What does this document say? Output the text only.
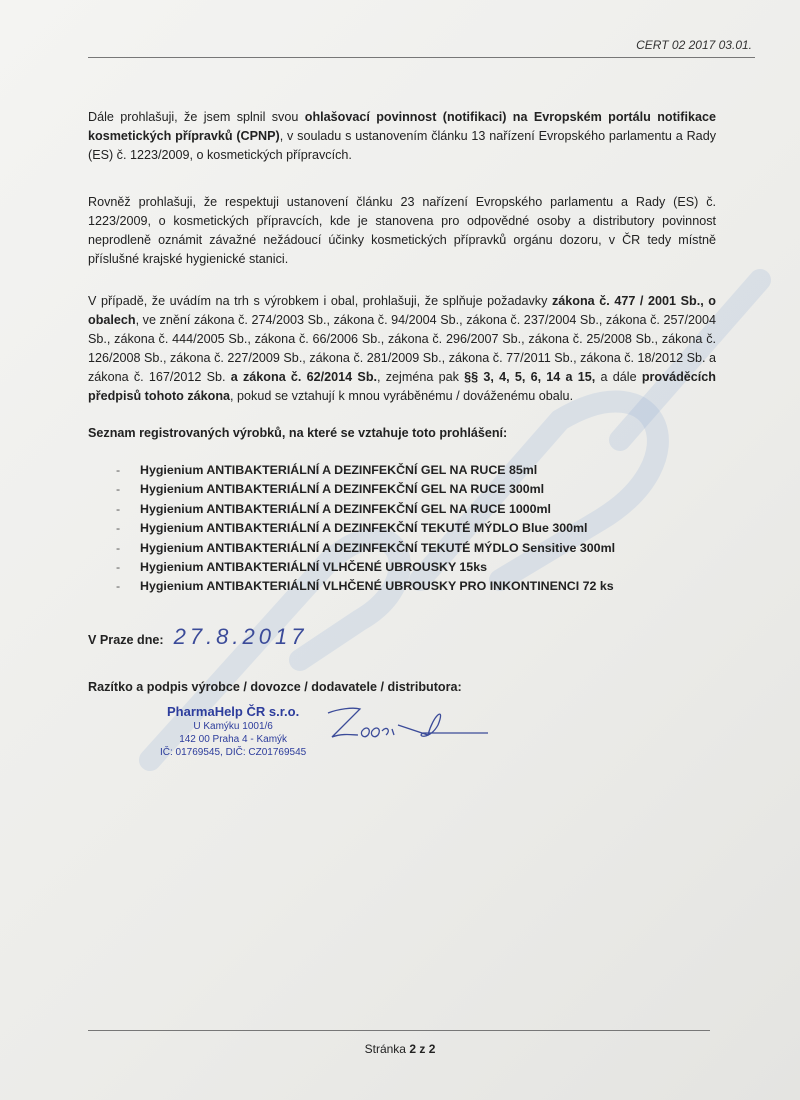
CERT 02 2017 03.01.

Dále prohlašuji, že jsem splnil svou ohlašovací povinnost (notifikaci) na Evropském portálu notifikace kosmetických přípravků (CPNP), v souladu s ustanovením článku 13 nařízení Evropského parlamentu a Rady (ES) č. 1223/2009, o kosmetických přípravcích.

Rovněž prohlašuji, že respektuji ustanovení článku 23 nařízení Evropského parlamentu a Rady (ES) č. 1223/2009, o kosmetických přípravcích, kde je stanovena pro odpovědné osoby a distributory povinnost neprodleně oznámit závažné nežádoucí účinky kosmetických přípravků orgánu dozoru, v ČR tedy místně příslušné krajské hygienické stanici.

V případě, že uvádím na trh s výrobkem i obal, prohlašuji, že splňuje požadavky zákona č. 477 / 2001 Sb., o obalech, ve znění zákona č. 274/2003 Sb., zákona č. 94/2004 Sb., zákona č. 237/2004 Sb., zákona č. 257/2004 Sb., zákona č. 444/2005 Sb., zákona č. 66/2006 Sb., zákona č. 296/2007 Sb., zákona č. 25/2008 Sb., zákona č. 126/2008 Sb., zákona č. 227/2009 Sb., zákona č. 281/2009 Sb., zákona č. 77/2011 Sb., zákona č. 18/2012 Sb. a zákona č. 167/2012 Sb. a zákona č. 62/2014 Sb., zejména pak §§ 3, 4, 5, 6, 14 a 15, a dále prováděcích předpisů tohoto zákona, pokud se vztahují k mnou vyráběnému / dováženému obalu.

Seznam registrovaných výrobků, na které se vztahuje toto prohlášení:
- Hygienium ANTIBAKTERIÁLNÍ A DEZINFEKČNÍ GEL NA RUCE 85ml
- Hygienium ANTIBAKTERIÁLNÍ A DEZINFEKČNÍ GEL NA RUCE 300ml
- Hygienium ANTIBAKTERIÁLNÍ A DEZINFEKČNÍ GEL NA RUCE 1000ml
- Hygienium ANTIBAKTERIÁLNÍ A DEZINFEKČNÍ TEKUTÉ MÝDLO Blue 300ml
- Hygienium ANTIBAKTERIÁLNÍ A DEZINFEKČNÍ TEKUTÉ MÝDLO Sensitive 300ml
- Hygienium ANTIBAKTERIÁLNÍ VLHČENÉ UBROUSKY 15ks
- Hygienium ANTIBAKTERIÁLNÍ VLHČENÉ UBROUSKY PRO INKONTINENCI 72 ks
V Praze dne: 27.8.2017
Razítko a podpis výrobce / dovozce / dodavatele / distributora:
PharmaHelp ČR s.r.o.
U Kamýku 1001/6
142 00 Praha 4 - Kamýk
IČ: 01769545, DIČ: CZ01769545
Stránka 2 z 2
